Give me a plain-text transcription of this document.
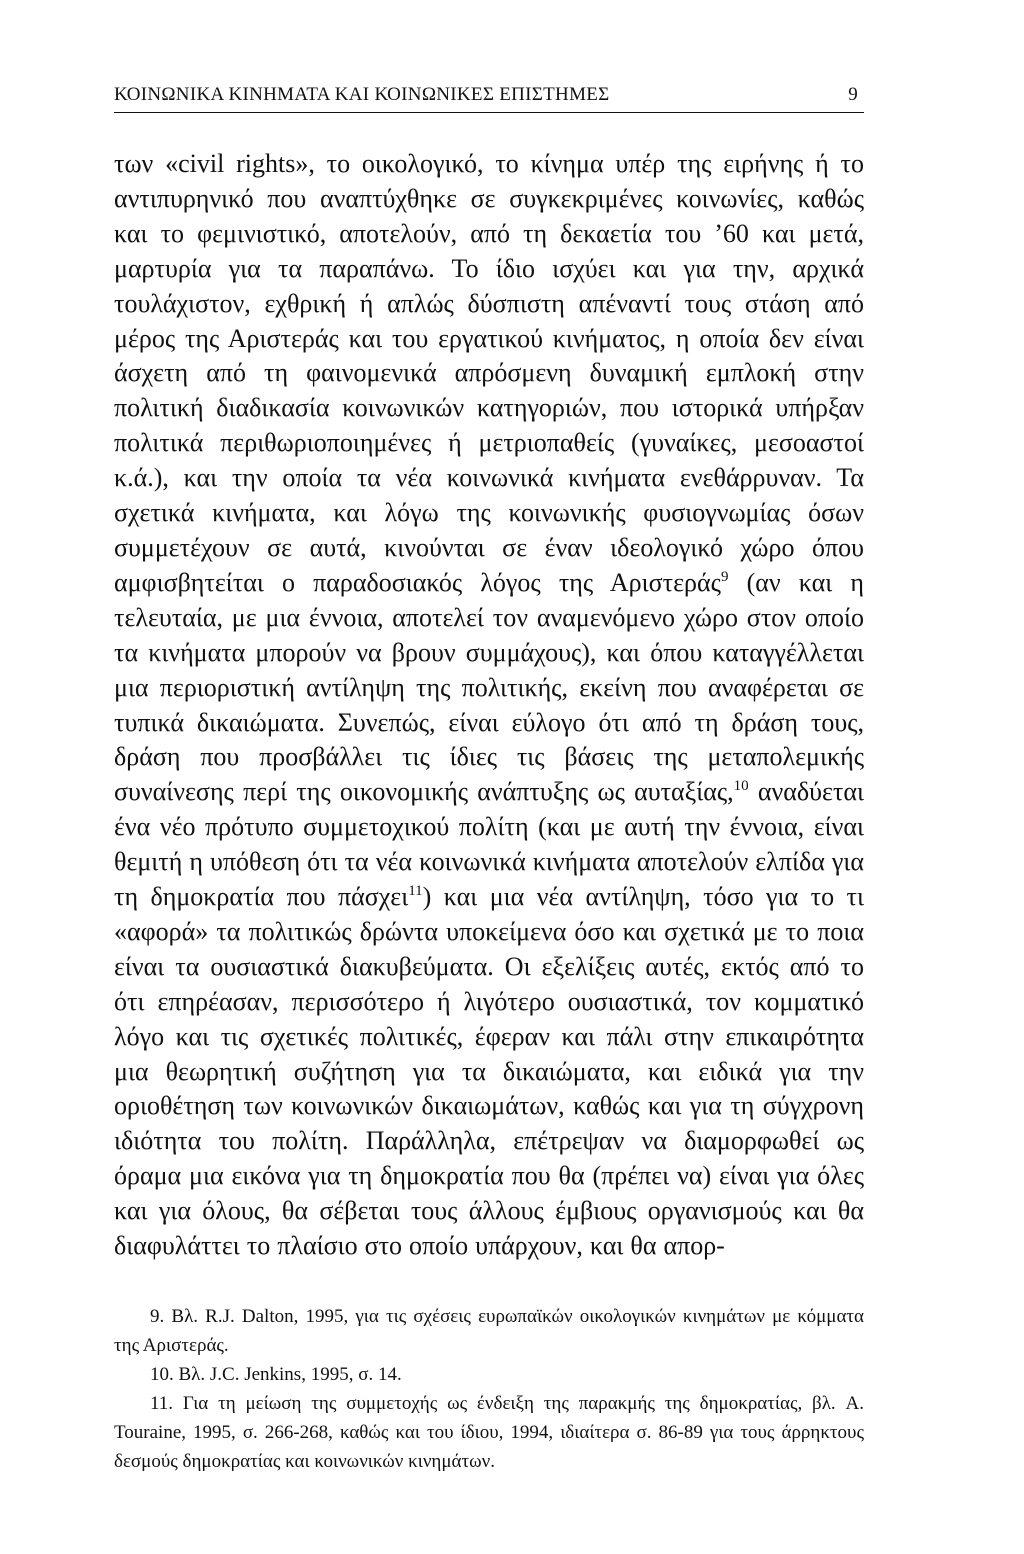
ΚΟΙΝΩΝΙΚΑ ΚΙΝΗΜΑΤΑ ΚΑΙ ΚΟΙΝΩΝΙΚΕΣ ΕΠΙΣΤΗΜΕΣ	9

των «civil rights», το οικολογικό, το κίνημα υπέρ της ειρήνης ή το αντιπυρηνικό που αναπτύχθηκε σε συγκεκριμένες κοινωνίες, καθώς και το φεμινιστικό, αποτελούν, από τη δεκαετία του ’60 και μετά, μαρτυρία για τα παραπάνω. Το ίδιο ισχύει και για την, αρχικά τουλάχιστον, εχθρική ή απλώς δύσπιστη απέναντί τους στάση από μέρος της Αριστεράς και του εργατικού κινήματος, η οποία δεν είναι άσχετη από τη φαινομενικά απρόσμενη δυναμική εμπλοκή στην πολιτική διαδικασία κοινωνικών κατηγοριών, που ιστορικά υπήρξαν πολιτικά περιθωριοποιημένες ή μετριοπαθείς (γυναίκες, μεσοαστοί κ.ά.), και την οποία τα νέα κοινωνικά κινήματα ενεθάρρυναν. Τα σχετικά κινήματα, και λόγω της κοινωνικής φυσιογνωμίας όσων συμμετέχουν σε αυτά, κινούνται σε έναν ιδεολογικό χώρο όπου αμφισβητείται ο παραδοσιακός λόγος της Αριστεράς$^9$ (αν και η τελευταία, με μια έννοια, αποτελεί τον αναμενόμενο χώρο στον οποίο τα κινήματα μπορούν να βρουν συμμάχους), και όπου καταγγέλλεται μια περιοριστική αντίληψη της πολιτικής, εκείνη που αναφέρεται σε τυπικά δικαιώματα. Συνεπώς, είναι εύλογο ότι από τη δράση τους, δράση που προσβάλλει τις ίδιες τις βάσεις της μεταπολεμικής συναίνεσης περί της οικονομικής ανάπτυξης ως αυταξίας,$^{10}$ αναδύεται ένα νέο πρότυπο συμμετοχικού πολίτη (και με αυτή την έννοια, είναι θεμιτή η υπόθεση ότι τα νέα κοινωνικά κινήματα αποτελούν ελπίδα για τη δημοκρατία που πάσχει$^{11}$) και μια νέα αντίληψη, τόσο για το τι «αφορά» τα πολιτικώς δρώντα υποκείμενα όσο και σχετικά με το ποια είναι τα ουσιαστικά διακυβεύματα. Οι εξελίξεις αυτές, εκτός από το ότι επηρέασαν, περισσότερο ή λιγότερο ουσιαστικά, τον κομματικό λόγο και τις σχετικές πολιτικές, έφεραν και πάλι στην επικαιρότητα μια θεωρητική συζήτηση για τα δικαιώματα, και ειδικά για την οριοθέτηση των κοινωνικών δικαιωμάτων, καθώς και για τη σύγχρονη ιδιότητα του πολίτη. Παράλληλα, επέτρεψαν να διαμορφωθεί ως όραμα μια εικόνα για τη δημοκρατία που θα (πρέπει να) είναι για όλες και για όλους, θα σέβεται τους άλλους έμβιους οργανισμούς και θα διαφυλάττει το πλαίσιο στο οποίο υπάρχουν, και θα απορ-

9. Βλ. R.J. Dalton, 1995, για τις σχέσεις ευρωπαϊκών οικολογικών κινημάτων με κόμματα της Αριστεράς.

10. Βλ. J.C. Jenkins, 1995, σ. 14.

11. Για τη μείωση της συμμετοχής ως ένδειξη της παρακμής της δημοκρατίας, βλ. A. Touraine, 1995, σ. 266-268, καθώς και του ίδιου, 1994, ιδιαίτερα σ. 86-89 για τους άρρηκτους δεσμούς δημοκρατίας και κοινωνικών κινημάτων.
